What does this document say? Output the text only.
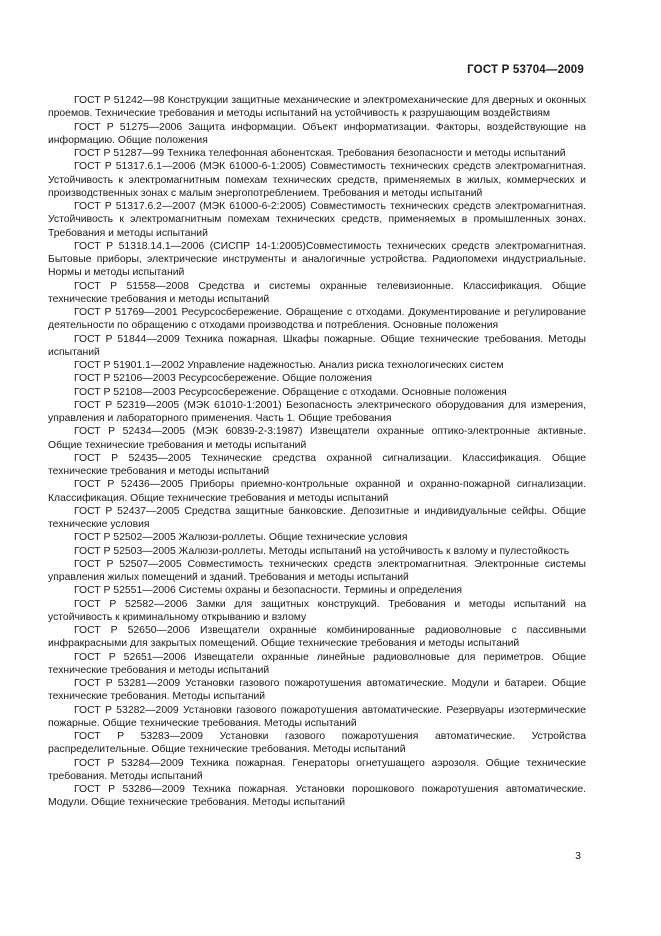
ГОСТ Р 53704—2009

ГОСТ Р 51242—98 Конструкции защитные механические и электромеханические для дверных и оконных проемов. Технические требования и методы испытаний на устойчивость к разрушающим воздействиям

ГОСТ Р 51275—2006 Защита информации. Объект информатизации. Факторы, воздействующие на информацию. Общие положения

ГОСТ Р 51287—99 Техника телефонная абонентская. Требования безопасности и методы испытаний

ГОСТ Р 51317.6.1—2006 (МЭК 61000-6-1:2005) Совместимость технических средств электромагнитная. Устойчивость к электромагнитным помехам технических средств, применяемых в жилых, коммерческих и производственных зонах с малым энергопотреблением. Требования и методы испытаний

ГОСТ Р 51317.6.2—2007 (МЭК 61000-6-2:2005) Совместимость технических средств электромагнитная. Устойчивость к электромагнитным помехам технических средств, применяемых в промышленных зонах. Требования и методы испытаний

ГОСТ Р 51318.14.1—2006 (СИСПР 14-1:2005)Совместимость технических средств электромагнитная. Бытовые приборы, электрические инструменты и аналогичные устройства. Радиопомехи индустриальные. Нормы и методы испытаний

ГОСТ Р 51558—2008 Средства и системы охранные телевизионные. Классификация. Общие технические требования и методы испытаний

ГОСТ Р 51769—2001 Ресурсосбережение. Обращение с отходами. Документирование и регулирование деятельности по обращению с отходами производства и потребления. Основные положения

ГОСТ Р 51844—2009 Техника пожарная. Шкафы пожарные. Общие технические требования. Методы испытаний

ГОСТ Р 51901.1—2002 Управление надежностью. Анализ риска технологических систем

ГОСТ Р 52106—2003 Ресурсосбережение. Общие положения

ГОСТ Р 52108—2003 Ресурсосбережение. Обращение с отходами. Основные положения

ГОСТ Р 52319—2005 (МЭК 61010-1:2001) Безопасность электрического оборудования для измерения, управления и лабораторного применения. Часть 1. Общие требования

ГОСТ Р 52434—2005 (МЭК 60839-2-3:1987) Извещатели охранные оптико-электронные активные. Общие технические требования и методы испытаний

ГОСТ Р 52435—2005 Технические средства охранной сигнализации. Классификация. Общие технические требования и методы испытаний

ГОСТ Р 52436—2005 Приборы приемно-контрольные охранной и охранно-пожарной сигнализации. Классификация. Общие технические требования и методы испытаний

ГОСТ Р 52437—2005 Средства защитные банковские. Депозитные и индивидуальные сейфы. Общие технические условия

ГОСТ Р 52502—2005 Жалюзи-роллеты. Общие технические условия

ГОСТ Р 52503—2005 Жалюзи-роллеты. Методы испытаний на устойчивость к взлому и пулестойкость

ГОСТ Р 52507—2005 Совместимость технических средств электромагнитная. Электронные системы управления жилых помещений и зданий. Требования и методы испытаний

ГОСТ Р 52551—2006 Системы охраны и безопасности. Термины и определения

ГОСТ Р 52582—2006 Замки для защитных конструкций. Требования и методы испытаний на устойчивость к криминальному открыванию и взлому

ГОСТ Р 52650—2006 Извещатели охранные комбинированные радиоволновые с пассивными инфракрасными для закрытых помещений. Общие технические требования и методы испытаний

ГОСТ Р 52651—2006 Извещатели охранные линейные радиоволновые для периметров. Общие технические требования и методы испытаний

ГОСТ Р 53281—2009 Установки газового пожаротушения автоматические. Модули и батареи. Общие технические требования. Методы испытаний

ГОСТ Р 53282—2009 Установки газового пожаротушения автоматические. Резервуары изотермические пожарные. Общие технические требования. Методы испытаний

ГОСТ Р 53283—2009 Установки газового пожаротушения автоматические. Устройства распределительные. Общие технические требования. Методы испытаний

ГОСТ Р 53284—2009 Техника пожарная. Генераторы огнетушащего аэрозоля. Общие технические требования. Методы испытаний

ГОСТ Р 53286—2009 Техника пожарная. Установки порошкового пожаротушения автоматические. Модули. Общие технические требования. Методы испытаний

3
